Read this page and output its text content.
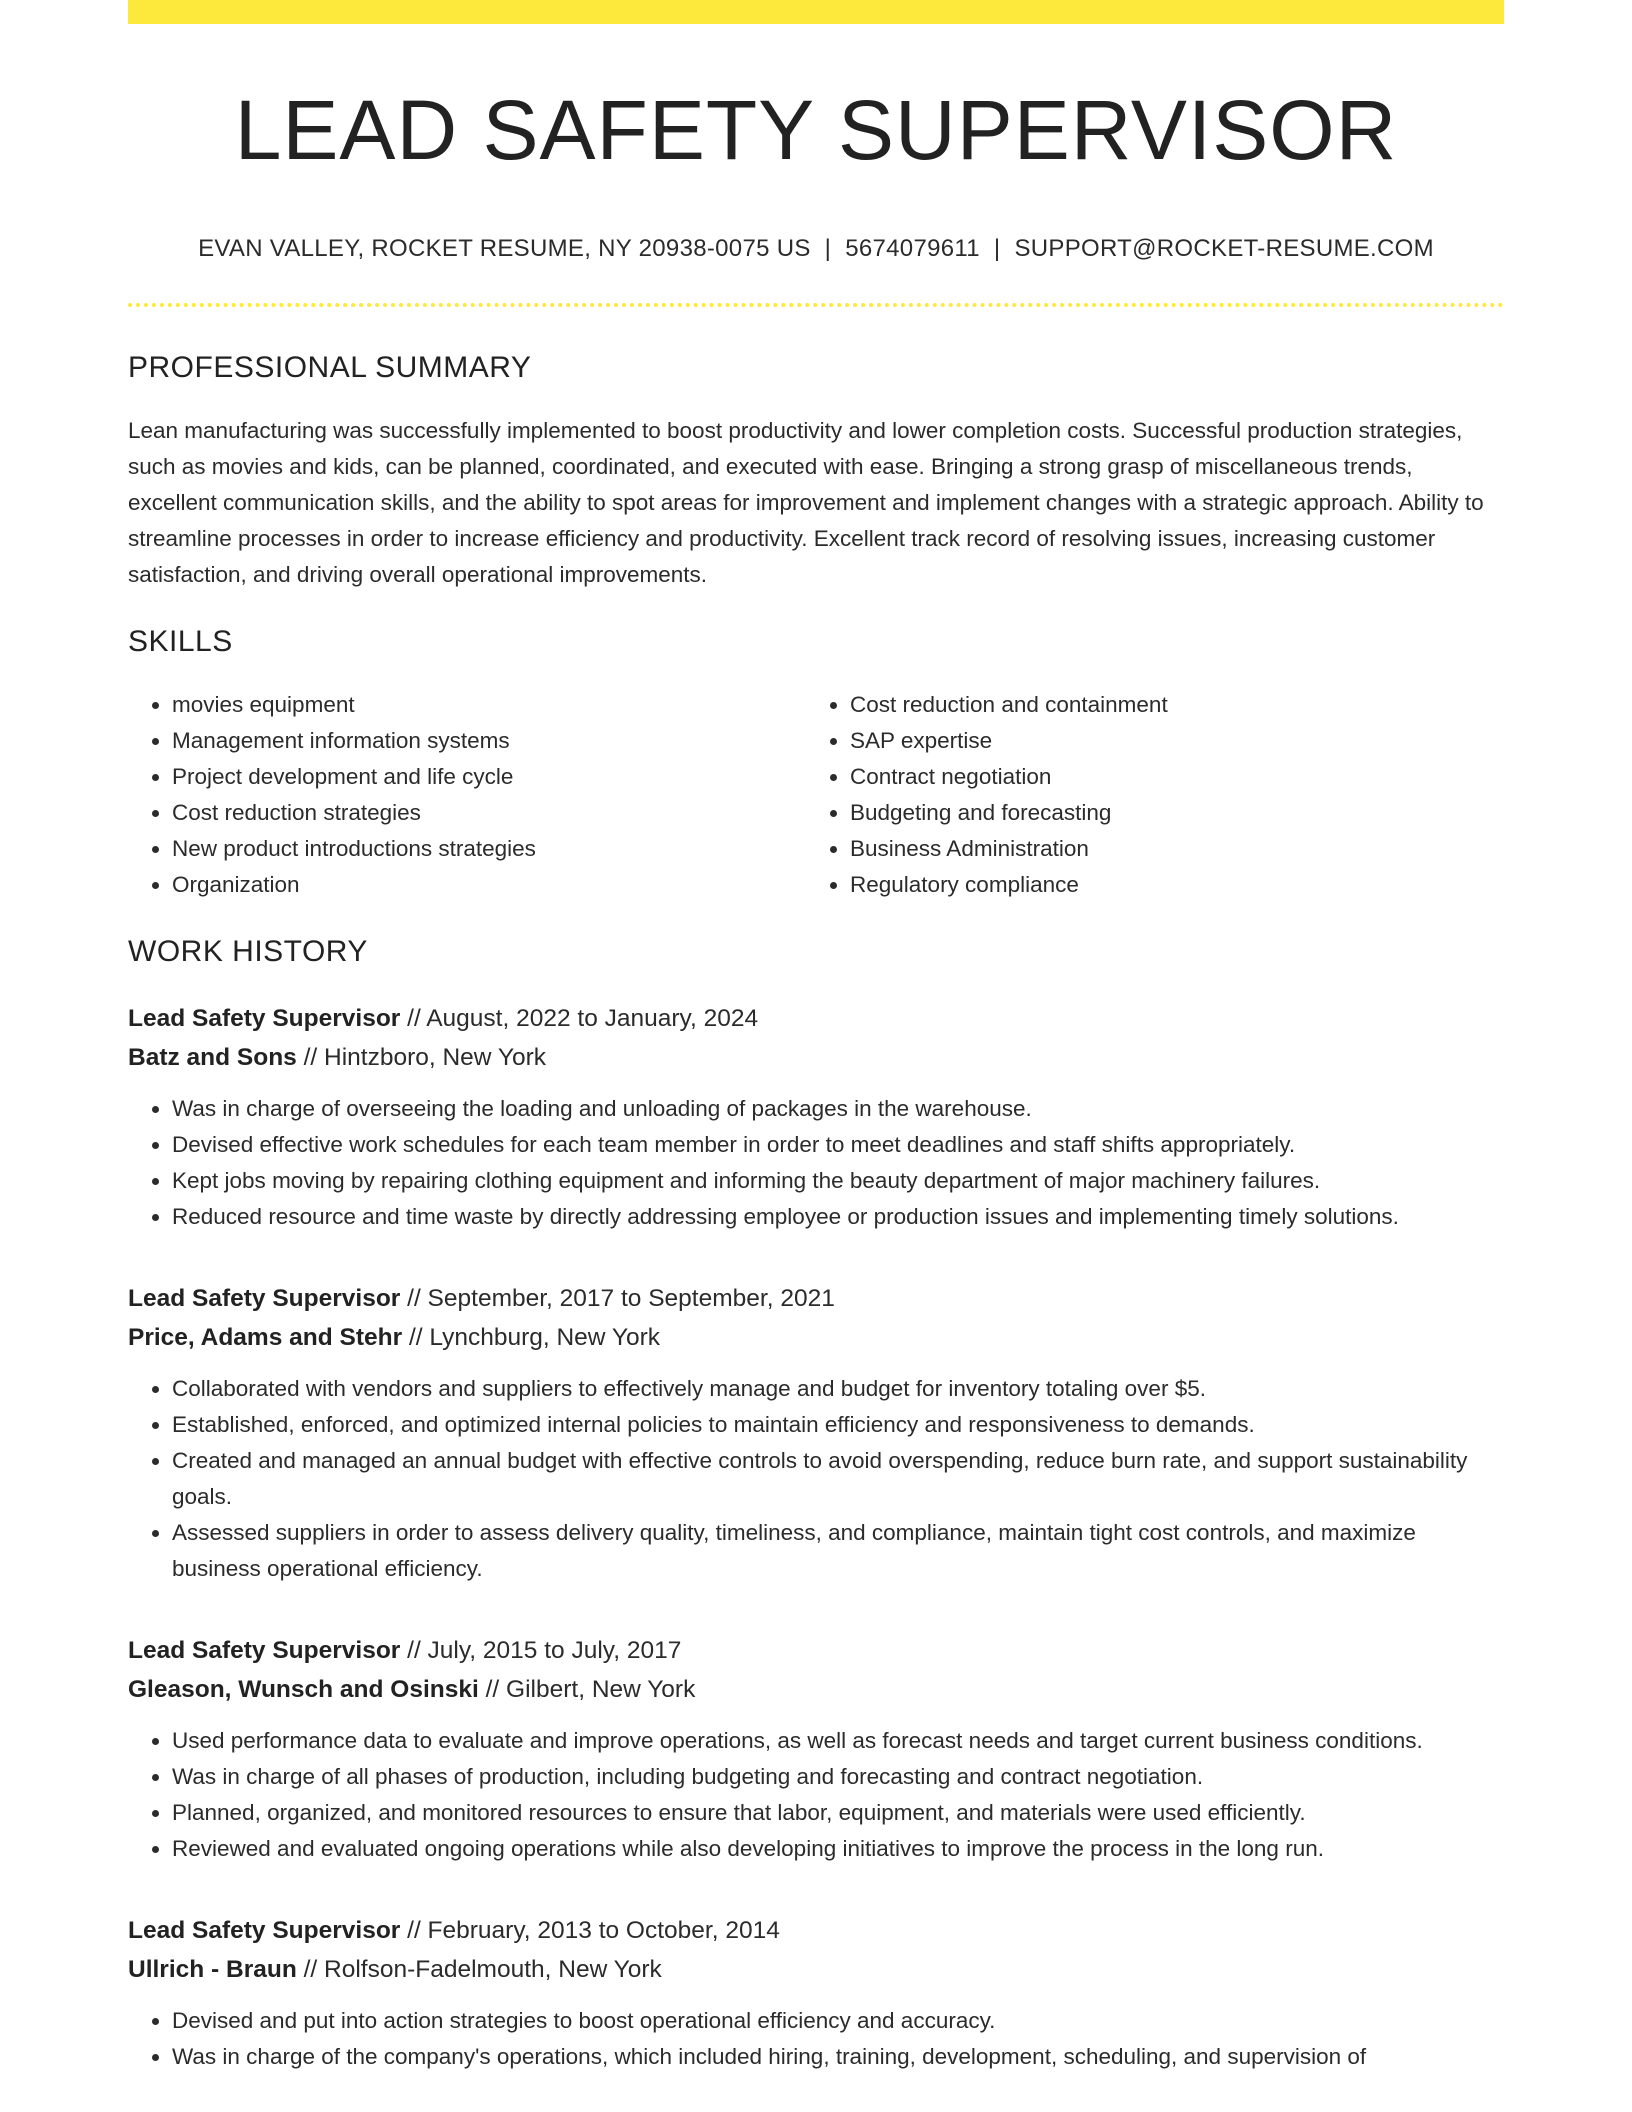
LEAD SAFETY SUPERVISOR
EVAN VALLEY, ROCKET RESUME, NY 20938-0075 US | 5674079611 | SUPPORT@ROCKET-RESUME.COM
PROFESSIONAL SUMMARY
Lean manufacturing was successfully implemented to boost productivity and lower completion costs. Successful production strategies, such as movies and kids, can be planned, coordinated, and executed with ease. Bringing a strong grasp of miscellaneous trends, excellent communication skills, and the ability to spot areas for improvement and implement changes with a strategic approach. Ability to streamline processes in order to increase efficiency and productivity. Excellent track record of resolving issues, increasing customer satisfaction, and driving overall operational improvements.
SKILLS
• movies equipment
• Management information systems
• Project development and life cycle
• Cost reduction strategies
• New product introductions strategies
• Organization
• Cost reduction and containment
• SAP expertise
• Contract negotiation
• Budgeting and forecasting
• Business Administration
• Regulatory compliance
WORK HISTORY
Lead Safety Supervisor // August, 2022 to January, 2024
Batz and Sons // Hintzboro, New York
• Was in charge of overseeing the loading and unloading of packages in the warehouse.
• Devised effective work schedules for each team member in order to meet deadlines and staff shifts appropriately.
• Kept jobs moving by repairing clothing equipment and informing the beauty department of major machinery failures.
• Reduced resource and time waste by directly addressing employee or production issues and implementing timely solutions.
Lead Safety Supervisor // September, 2017 to September, 2021
Price, Adams and Stehr // Lynchburg, New York
• Collaborated with vendors and suppliers to effectively manage and budget for inventory totaling over $5.
• Established, enforced, and optimized internal policies to maintain efficiency and responsiveness to demands.
• Created and managed an annual budget with effective controls to avoid overspending, reduce burn rate, and support sustainability goals.
• Assessed suppliers in order to assess delivery quality, timeliness, and compliance, maintain tight cost controls, and maximize business operational efficiency.
Lead Safety Supervisor // July, 2015 to July, 2017
Gleason, Wunsch and Osinski // Gilbert, New York
• Used performance data to evaluate and improve operations, as well as forecast needs and target current business conditions.
• Was in charge of all phases of production, including budgeting and forecasting and contract negotiation.
• Planned, organized, and monitored resources to ensure that labor, equipment, and materials were used efficiently.
• Reviewed and evaluated ongoing operations while also developing initiatives to improve the process in the long run.
Lead Safety Supervisor // February, 2013 to October, 2014
Ullrich - Braun // Rolfson-Fadelmouth, New York
• Devised and put into action strategies to boost operational efficiency and accuracy.
• Was in charge of the company's operations, which included hiring, training, development, scheduling, and supervision of
